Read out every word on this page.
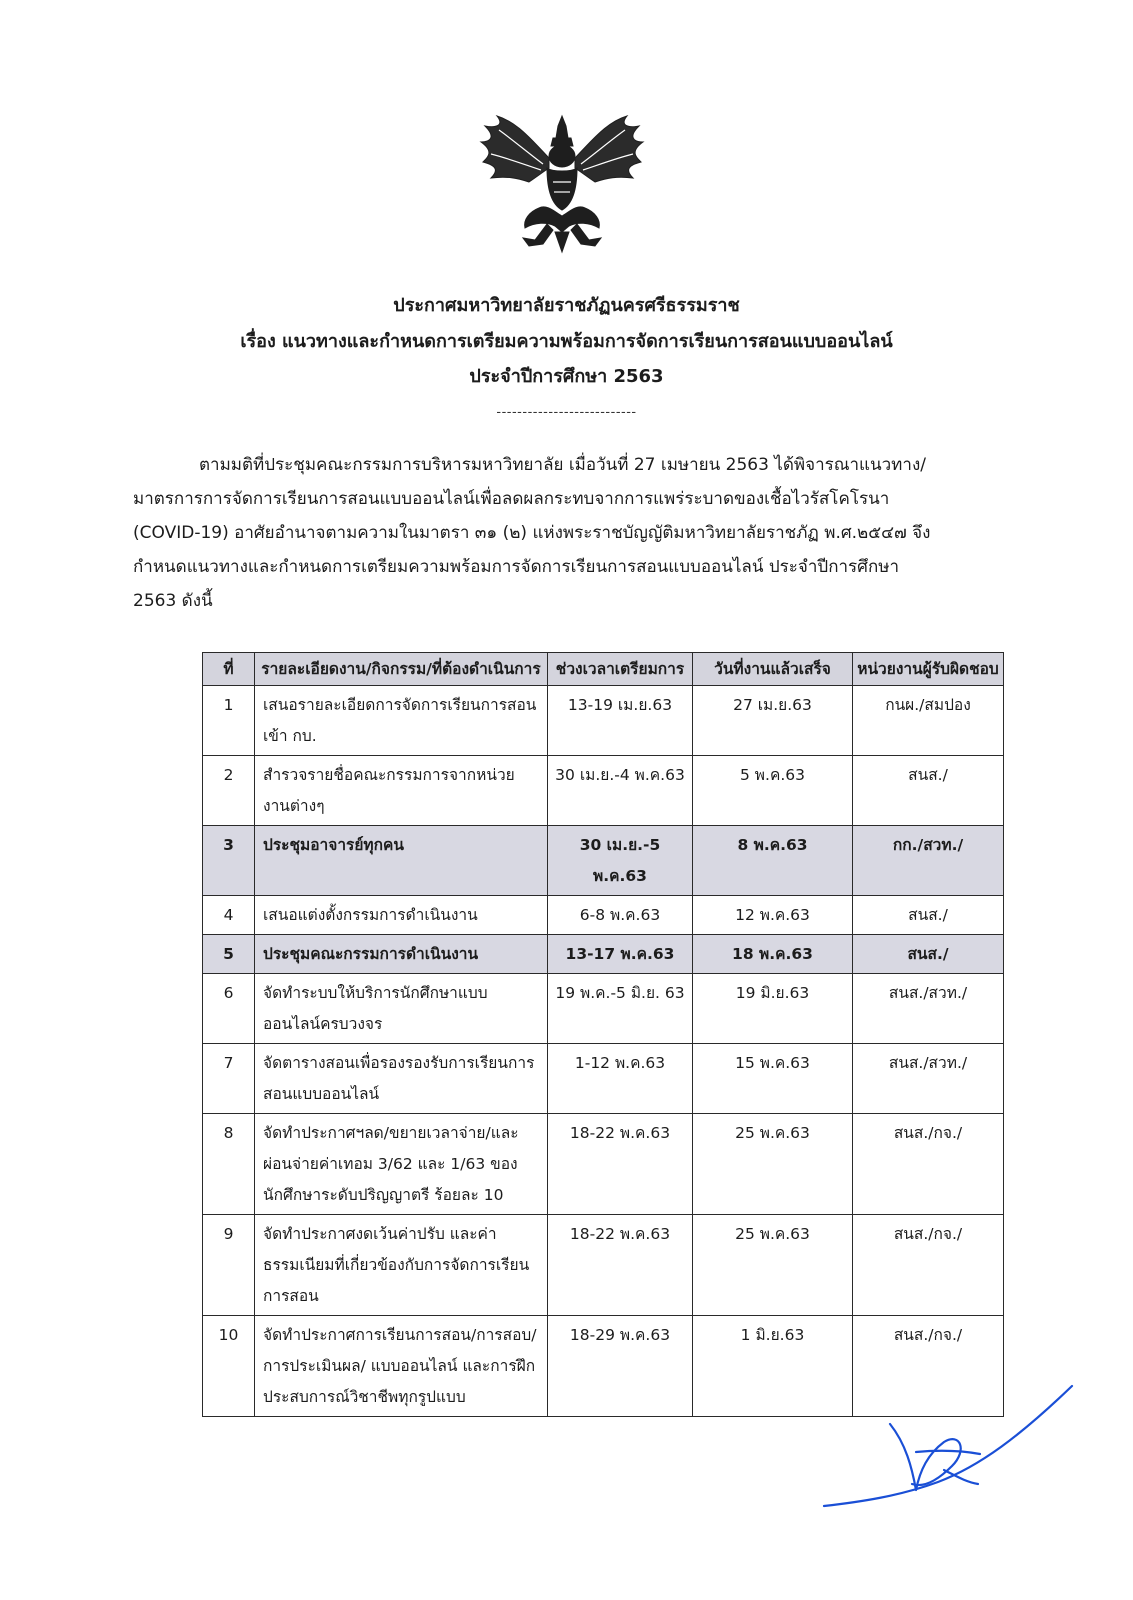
ประกาศมหาวิทยาลัยราชภัฏนครศรีธรรมราช
เรื่อง แนวทางและกำหนดการเตรียมความพร้อมการจัดการเรียนการสอนแบบออนไลน์
ประจำปีการศึกษา 2563
---------------------------
ตามมติที่ประชุมคณะกรรมการบริหารมหาวิทยาลัย เมื่อวันที่ 27 เมษายน 2563 ได้พิจารณาแนวทาง/
มาตรการการจัดการเรียนการสอนแบบออนไลน์เพื่อลดผลกระทบจากการแพร่ระบาดของเชื้อไวรัสโคโรนา
(COVID-19) อาศัยอำนาจตามความในมาตรา ๓๑ (๒) แห่งพระราชบัญญัติมหาวิทยาลัยราชภัฏ พ.ศ.๒๕๔๗ จึง
กำหนดแนวทางและกำหนดการเตรียมความพร้อมการจัดการเรียนการสอนแบบออนไลน์ ประจำปีการศึกษา
2563 ดังนี้
ที่	รายละเอียดงาน/กิจกรรม/ที่ต้องดำเนินการ	ช่วงเวลาเตรียมการ	วันที่งานแล้วเสร็จ	หน่วยงานผู้รับผิดชอบ
1	เสนอรายละเอียดการจัดการเรียนการสอนเข้า กบ.	13-19 เม.ย.63	27 เม.ย.63	กนผ./สมปอง
2	สำรวจรายชื่อคณะกรรมการจากหน่วยงานต่างๆ	30 เม.ย.-4 พ.ค.63	5 พ.ค.63	สนส./
3	ประชุมอาจารย์ทุกคน	30 เม.ย.-5 พ.ค.63	8 พ.ค.63	กก./สวท./
4	เสนอแต่งตั้งกรรมการดำเนินงาน	6-8 พ.ค.63	12 พ.ค.63	สนส./
5	ประชุมคณะกรรมการดำเนินงาน	13-17 พ.ค.63	18 พ.ค.63	สนส./
6	จัดทำระบบให้บริการนักศึกษาแบบออนไลน์ครบวงจร	19 พ.ค.-5 มิ.ย. 63	19 มิ.ย.63	สนส./สวท./
7	จัดตารางสอนเพื่อรองรองรับการเรียนการสอนแบบออนไลน์	1-12 พ.ค.63	15 พ.ค.63	สนส./สวท./
8	จัดทำประกาศฯลด/ขยายเวลาจ่าย/และผ่อนจ่ายค่าเทอม 3/62 และ 1/63 ของนักศึกษาระดับปริญญาตรี ร้อยละ 10	18-22 พ.ค.63	25 พ.ค.63	สนส./กจ./
9	จัดทำประกาศงดเว้นค่าปรับ และค่าธรรมเนียมที่เกี่ยวข้องกับการจัดการเรียนการสอน	18-22 พ.ค.63	25 พ.ค.63	สนส./กจ./
10	จัดทำประกาศการเรียนการสอน/การสอบ/การประเมินผล/ แบบออนไลน์ และการฝึกประสบการณ์วิชาชีพทุกรูปแบบ	18-29 พ.ค.63	1 มิ.ย.63	สนส./กจ./
